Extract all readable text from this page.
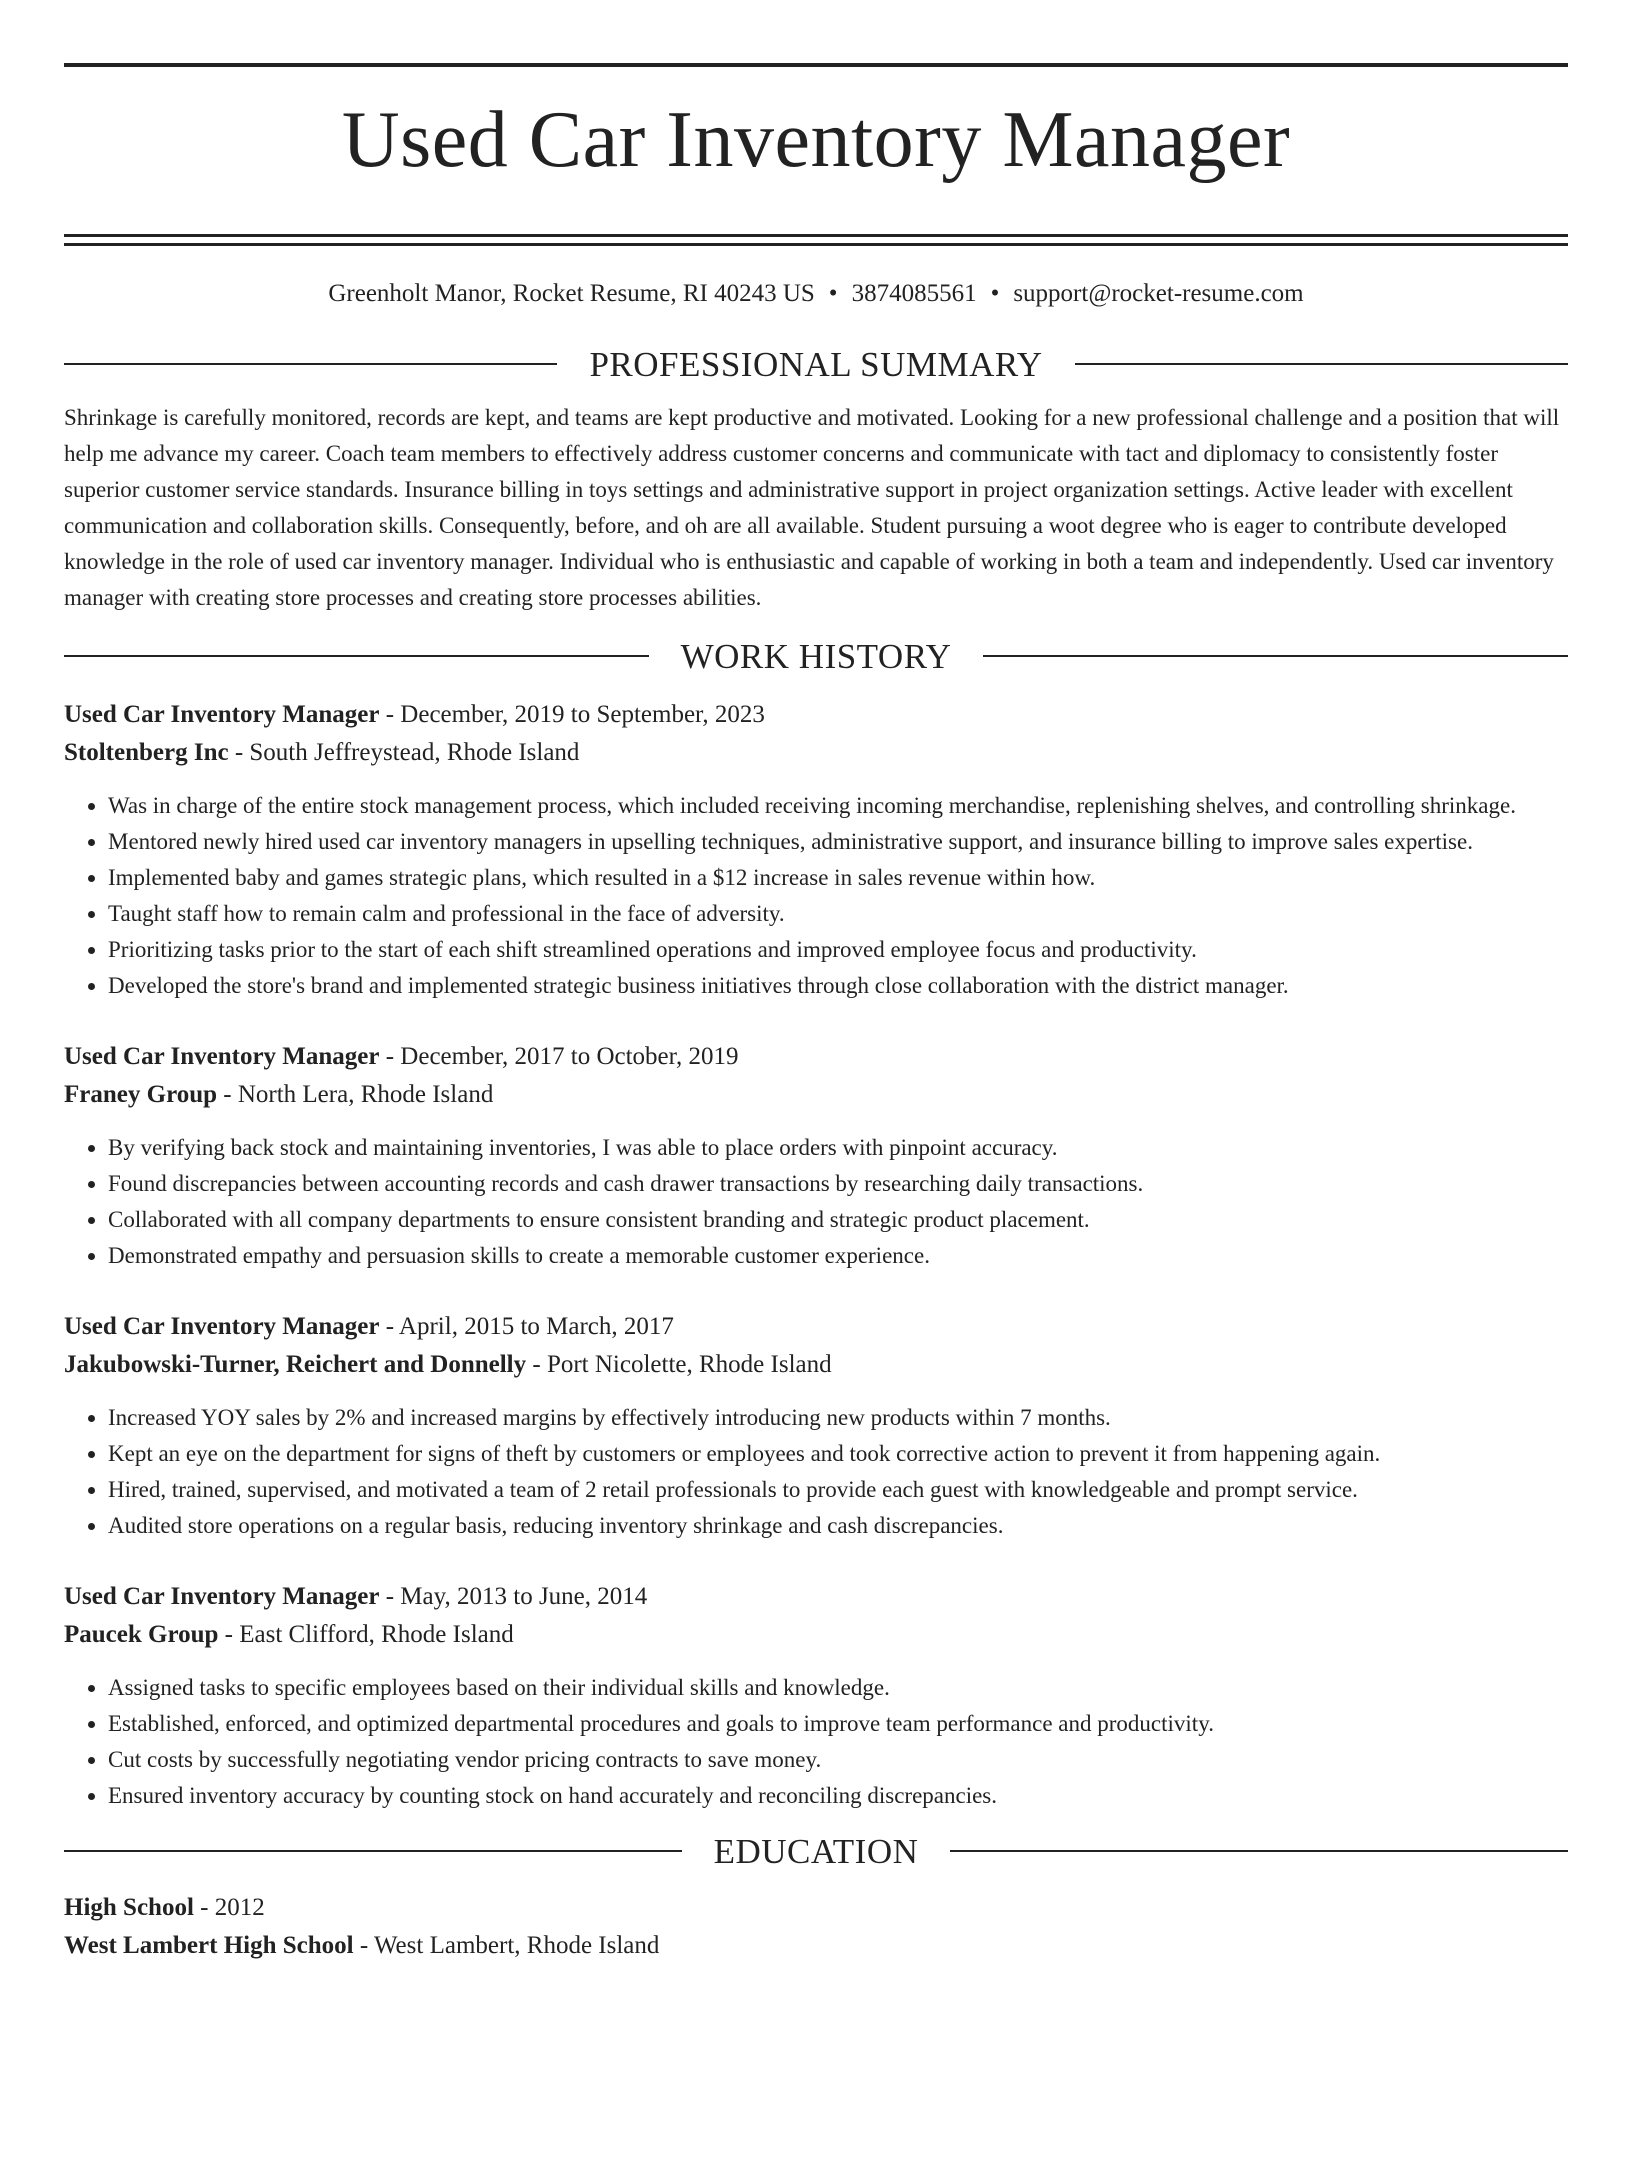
Used Car Inventory Manager
Greenholt Manor, Rocket Resume, RI 40243 US • 3874085561 • support@rocket-resume.com
PROFESSIONAL SUMMARY

Shrinkage is carefully monitored, records are kept, and teams are kept productive and motivated. Looking for a new professional challenge and a position that will help me advance my career. Coach team members to effectively address customer concerns and communicate with tact and diplomacy to consistently foster superior customer service standards. Insurance billing in toys settings and administrative support in project organization settings. Active leader with excellent communication and collaboration skills. Consequently, before, and oh are all available. Student pursuing a woot degree who is eager to contribute developed knowledge in the role of used car inventory manager. Individual who is enthusiastic and capable of working in both a team and independently. Used car inventory manager with creating store processes and creating store processes abilities.

WORK HISTORY
Used Car Inventory Manager - December, 2019 to September, 2023
Stoltenberg Inc - South Jeffreystead, Rhode Island
• Was in charge of the entire stock management process, which included receiving incoming merchandise, replenishing shelves, and controlling shrinkage.
• Mentored newly hired used car inventory managers in upselling techniques, administrative support, and insurance billing to improve sales expertise.
• Implemented baby and games strategic plans, which resulted in a $12 increase in sales revenue within how.
• Taught staff how to remain calm and professional in the face of adversity.
• Prioritizing tasks prior to the start of each shift streamlined operations and improved employee focus and productivity.
• Developed the store's brand and implemented strategic business initiatives through close collaboration with the district manager.
Used Car Inventory Manager - December, 2017 to October, 2019
Franey Group - North Lera, Rhode Island
• By verifying back stock and maintaining inventories, I was able to place orders with pinpoint accuracy.
• Found discrepancies between accounting records and cash drawer transactions by researching daily transactions.
• Collaborated with all company departments to ensure consistent branding and strategic product placement.
• Demonstrated empathy and persuasion skills to create a memorable customer experience.
Used Car Inventory Manager - April, 2015 to March, 2017
Jakubowski-Turner, Reichert and Donnelly - Port Nicolette, Rhode Island
• Increased YOY sales by 2% and increased margins by effectively introducing new products within 7 months.
• Kept an eye on the department for signs of theft by customers or employees and took corrective action to prevent it from happening again.
• Hired, trained, supervised, and motivated a team of 2 retail professionals to provide each guest with knowledgeable and prompt service.
• Audited store operations on a regular basis, reducing inventory shrinkage and cash discrepancies.
Used Car Inventory Manager - May, 2013 to June, 2014
Paucek Group - East Clifford, Rhode Island
• Assigned tasks to specific employees based on their individual skills and knowledge.
• Established, enforced, and optimized departmental procedures and goals to improve team performance and productivity.
• Cut costs by successfully negotiating vendor pricing contracts to save money.
• Ensured inventory accuracy by counting stock on hand accurately and reconciling discrepancies.
EDUCATION
High School - 2012
West Lambert High School - West Lambert, Rhode Island
